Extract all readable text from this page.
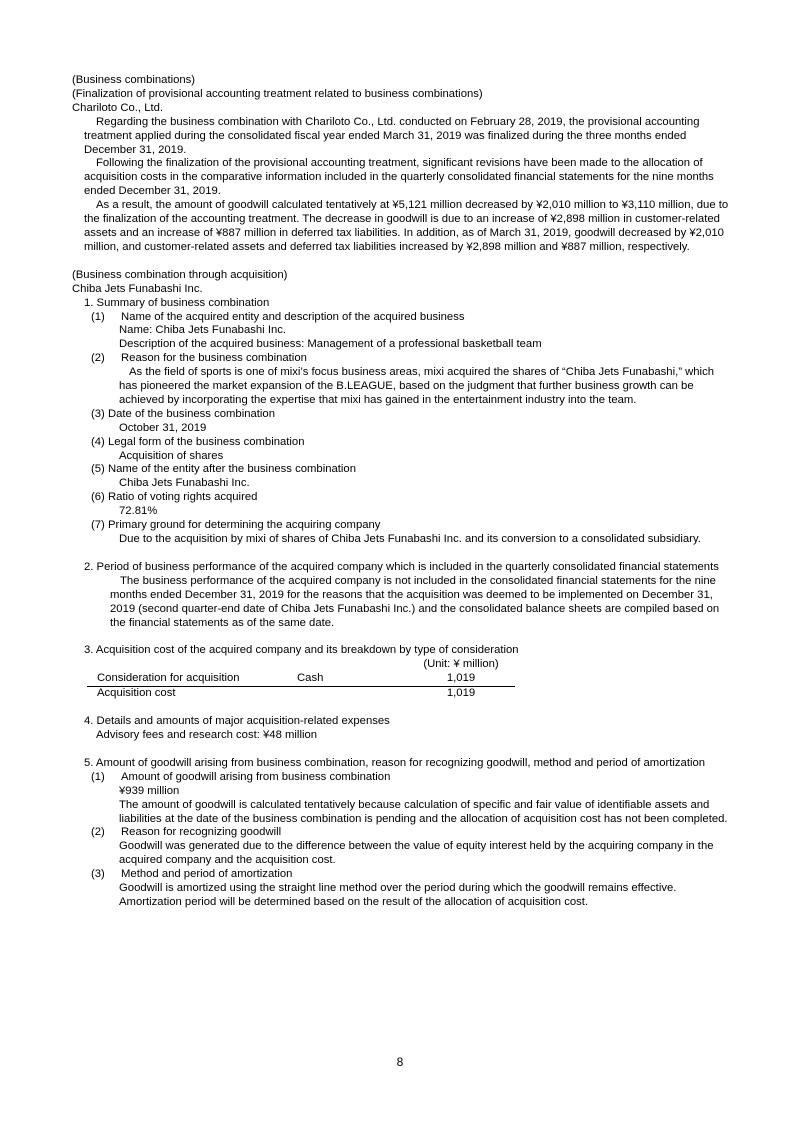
(Business combinations)
(Finalization of provisional accounting treatment related to business combinations)
Chariloto Co., Ltd.

Regarding the business combination with Chariloto Co., Ltd. conducted on February 28, 2019, the provisional accounting treatment applied during the consolidated fiscal year ended March 31, 2019 was finalized during the three months ended December 31, 2019.

Following the finalization of the provisional accounting treatment, significant revisions have been made to the allocation of acquisition costs in the comparative information included in the quarterly consolidated financial statements for the nine months ended December 31, 2019.

As a result, the amount of goodwill calculated tentatively at ¥5,121 million decreased by ¥2,010 million to ¥3,110 million, due to the finalization of the accounting treatment. The decrease in goodwill is due to an increase of ¥2,898 million in customer-related assets and an increase of ¥887 million in deferred tax liabilities. In addition, as of March 31, 2019, goodwill decreased by ¥2,010 million, and customer-related assets and deferred tax liabilities increased by ¥2,898 million and ¥887 million, respectively.

(Business combination through acquisition)
Chiba Jets Funabashi Inc.
1. Summary of business combination
(1)	Name of the acquired entity and description of the acquired business
Name: Chiba Jets Funabashi Inc.
Description of the acquired business: Management of a professional basketball team
(2)	Reason for the business combination

As the field of sports is one of mixi’s focus business areas, mixi acquired the shares of “Chiba Jets Funabashi,” which has pioneered the market expansion of the B.LEAGUE, based on the judgment that further business growth can be achieved by incorporating the expertise that mixi has gained in the entertainment industry into the team.

(3) Date of the business combination
October 31, 2019
(4) Legal form of the business combination
Acquisition of shares
(5) Name of the entity after the business combination
Chiba Jets Funabashi Inc.
(6) Ratio of voting rights acquired
72.81%
(7) Primary ground for determining the acquiring company

Due to the acquisition by mixi of shares of Chiba Jets Funabashi Inc. and its conversion to a consolidated subsidiary.

2. Period of business performance of the acquired company which is included in the quarterly consolidated financial statements

The business performance of the acquired company is not included in the consolidated financial statements for the nine months ended December 31, 2019 for the reasons that the acquisition was deemed to be implemented on December 31, 2019 (second quarter-end date of Chiba Jets Funabashi Inc.) and the consolidated balance sheets are compiled based on the financial statements as of the same date.

3. Acquisition cost of the acquired company and its breakdown by type of consideration
		(Unit: ¥ million)
Consideration for acquisition	Cash	1,019
Acquisition cost		1,019
4. Details and amounts of major acquisition-related expenses
Advisory fees and research cost: ¥48 million

5. Amount of goodwill arising from business combination, reason for recognizing goodwill, method and period of amortization

(1)	Amount of goodwill arising from business combination
¥939 million

The amount of goodwill is calculated tentatively because calculation of specific and fair value of identifiable assets and liabilities at the date of the business combination is pending and the allocation of acquisition cost has not been completed.

(2)	Reason for recognizing goodwill

Goodwill was generated due to the difference between the value of equity interest held by the acquiring company in the acquired company and the acquisition cost.

(3)	Method and period of amortization

Goodwill is amortized using the straight line method over the period during which the goodwill remains effective. Amortization period will be determined based on the result of the allocation of acquisition cost.

8
